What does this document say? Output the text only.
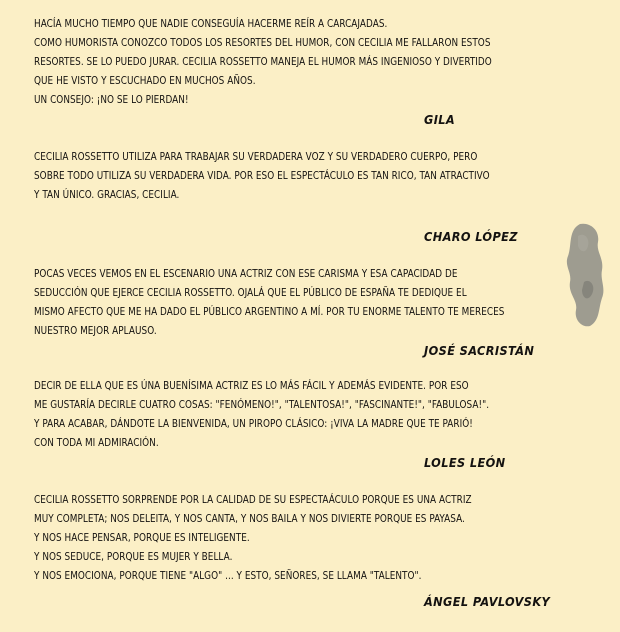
HACÍA MUCHO TIEMPO QUE NADIE CONSEGUÍA HACERME REÍR A CARCAJADAS.
COMO HUMORISTA CONOZCO TODOS LOS RESORTES DEL HUMOR, CON CECILIA ME FALLARON ESTOS
RESORTES. SE LO PUEDO JURAR. CECILIA ROSSETTO MANEJA EL HUMOR MÁS INGENIOSO Y DIVERTIDO
QUE HE VISTO Y ESCUCHADO EN MUCHOS AÑOS.
UN CONSEJO: ¡NO SE LO PIERDAN!
GILA
CECILIA ROSSETTO UTILIZA PARA TRABAJAR SU VERDADERA VOZ Y SU VERDADERO CUERPO, PERO
SOBRE TODO UTILIZA SU VERDADERA VIDA. POR ESO EL ESPECTÁCULO ES TAN RICO, TAN ATRACTIVO
Y TAN ÚNICO. GRACIAS, CECILIA.
CHARO LÓPEZ
POCAS VECES VEMOS EN EL ESCENARIO UNA ACTRIZ CON ESE CARISMA Y ESA CAPACIDAD DE
SEDUCCIÓN QUE EJERCE CECILIA ROSSETTO. OJALÁ QUE EL PÚBLICO DE ESPAÑA TE DEDIQUE EL
MISMO AFECTO QUE ME HA DADO EL PÚBLICO ARGENTINO A MÍ. POR TU ENORME TALENTO TE MERECES
NUESTRO MEJOR APLAUSO.
JOSÉ SACRISTÁN
DECIR DE ELLA QUE ES ÚNA BUENÍSIMA ACTRIZ ES LO MÁS FÁCIL Y ADEMÁS EVIDENTE. POR ESO
ME GUSTARÍA DECIRLE CUATRO COSAS: "FENÓMENO!", "TALENTOSA!", "FASCINANTE!", "FABULOSA!".
Y PARA ACABAR, DÁNDOTE LA BIENVENIDA, UN PIROPO CLÁSICO: ¡VIVA LA MADRE QUE TE PARIÓ!
CON TODA MI ADMIRACIÓN.
LOLES LEÓN
CECILIA ROSSETTO SORPRENDE POR LA CALIDAD DE SU ESPECTAÁCULO PORQUE ES UNA ACTRIZ
MUY COMPLETA; NOS DELEITA, Y NOS CANTA, Y NOS BAILA Y NOS DIVIERTE PORQUE ES PAYASA.
Y NOS HACE PENSAR, PORQUE ES INTELIGENTE.
Y NOS SEDUCE, PORQUE ES MUJER Y BELLA.
Y NOS EMOCIONA, PORQUE TIENE "ALGO" ... Y ESTO, SEÑORES, SE LLAMA "TALENTO".
ÁNGEL PAVLOVSKY
